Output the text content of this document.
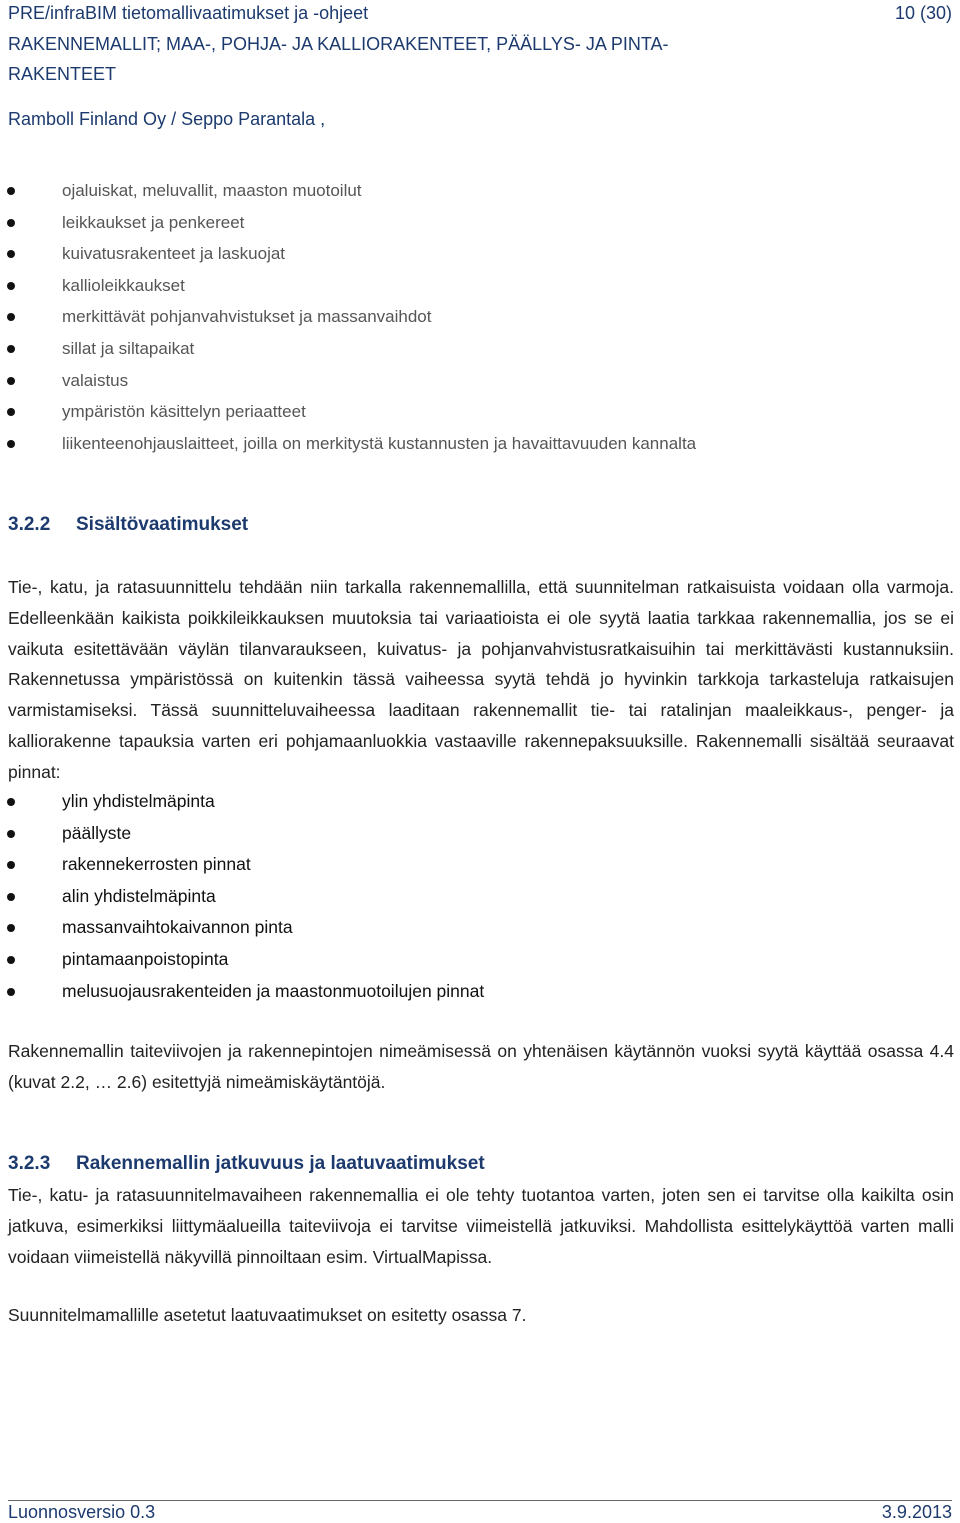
PRE/infraBIM tietomallivaatimukset ja -ohjeet	10 (30)
RAKENNEMALLIT; MAA-, POHJA- JA KALLIORAKENTEET, PÄÄLLYS- JA PINTA-
RAKENTEET
Ramboll Finland Oy / Seppo Parantala ,
ojaluiskat, meluvallit, maaston muotoilut
leikkaukset ja penkereet
kuivatusrakenteet ja laskuojat
kallioleikkaukset
merkittävät pohjanvahvistukset ja massanvaihdot
sillat ja siltapaikat
valaistus
ympäristön käsittelyn periaatteet
liikenteenohjauslaitteet, joilla on merkitystä kustannusten ja havaittavuuden kannalta
3.2.2 Sisältövaatimukset

Tie-, katu, ja ratasuunnittelu tehdään niin tarkalla rakennemallilla, että suunnitelman ratkaisuista voidaan olla varmoja. Edelleenkään kaikista poikkileikkauksen muutoksia tai variaatioista ei ole syytä laatia tarkkaa rakennemallia, jos se ei vaikuta esitettävään väylän tilanvaraukseen, kuivatus- ja pohjanvahvistusratkaisuihin tai merkittävästi kustannuksiin. Rakennetussa ympäristössä on kuitenkin tässä vaiheessa syytä tehdä jo hyvinkin tarkkoja tarkasteluja ratkaisujen varmistamiseksi. Tässä suunnitteluvaiheessa laaditaan rakennemallit tie- tai ratalinjan maaleikkaus-, penger- ja kalliorakenne tapauksia varten eri pohjamaanluokkia vastaaville rakennepaksuuksille. Rakennemalli sisältää seuraavat pinnat:

ylin yhdistelmäpinta
päällyste
rakennekerrosten pinnat
alin yhdistelmäpinta
massanvaihtokaivannon pinta
pintamaanpoistopinta
melusuojausrakenteiden ja maastonmuotoilujen pinnat

Rakennemallin taiteviivojen ja rakennepintojen nimeämisessä on yhtenäisen käytännön vuoksi syytä käyttää osassa 4.4 (kuvat 2.2, … 2.6) esitettyjä nimeämiskäytäntöjä.

3.2.3 Rakennemallin jatkuvuus ja laatuvaatimukset

Tie-, katu- ja ratasuunnitelmavaiheen rakennemallia ei ole tehty tuotantoa varten, joten sen ei tarvitse olla kaikilta osin jatkuva, esimerkiksi liittymäalueilla taiteviivoja ei tarvitse viimeistellä jatkuviksi. Mahdollista esittelykäyttöä varten malli voidaan viimeistellä näkyvillä pinnoiltaan esim. VirtualMapissa.

Suunnitelmamallille asetetut laatuvaatimukset on esitetty osassa 7.

Luonnosversio 0.3	3.9.2013
